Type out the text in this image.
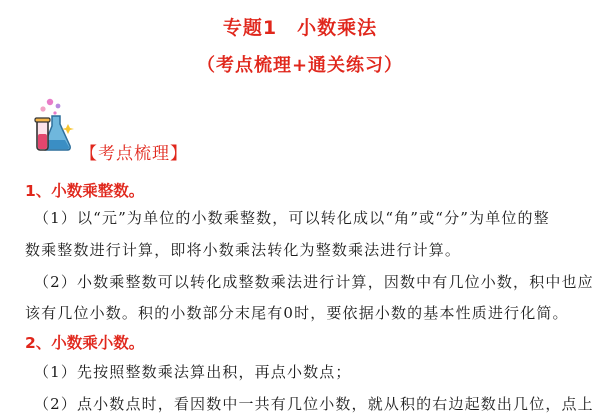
专题1　小数乘法
（考点梳理+通关练习）
【考点梳理】
1、小数乘整数。
（1）以“元”为单位的小数乘整数，可以转化成以“角”或“分”为单位的整
数乘整数进行计算，即将小数乘法转化为整数乘法进行计算。
（2）小数乘整数可以转化成整数乘法进行计算，因数中有几位小数，积中也应
该有几位小数。积的小数部分末尾有0时，要依据小数的基本性质进行化简。
2、小数乘小数。
（1）先按照整数乘法算出积，再点小数点；
（2）点小数点时，看因数中一共有几位小数，就从积的右边起数出几位，点上
